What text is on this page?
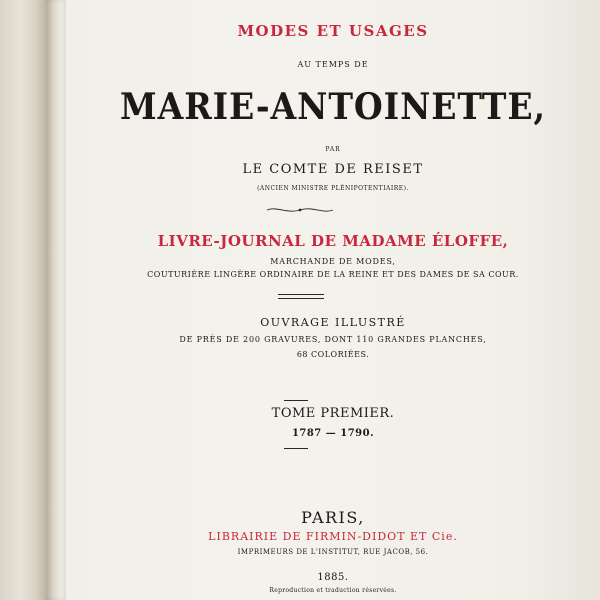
MODES ET USAGES
AU TEMPS DE
MARIE-ANTOINETTE,
PAR
LE COMTE DE REISET
(ANCIEN MINISTRE PLÉNIPOTENTIAIRE).
LIVRE-JOURNAL DE MADAME ÉLOFFE,
MARCHANDE DE MODES,
COUTURIÈRE LINGÈRE ORDINAIRE DE LA REINE ET DES DAMES DE SA COUR.
OUVRAGE ILLUSTRÉ
DE PRÈS DE 200 GRAVURES, DONT 110 GRANDES PLANCHES,
68 COLORIÉES.
TOME PREMIER.
1787 — 1790.
PARIS,
LIBRAIRIE DE FIRMIN-DIDOT ET Cie.
IMPRIMEURS DE L'INSTITUT, RUE JACOB, 56.
1885.
Reproduction et traduction réservées.
